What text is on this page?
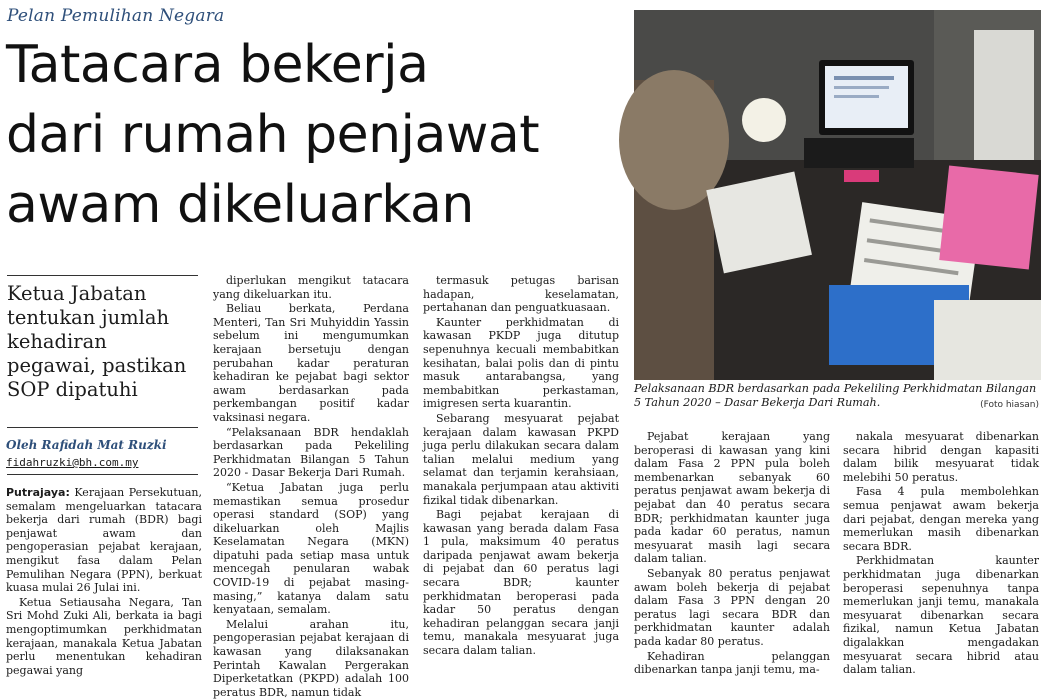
Pelan Pemulihan Negara
Tatacara bekerja
dari rumah penjawat
awam dikeluarkan
Ketua Jabatan tentukan jumlah kehadiran pegawai, pastikan SOP dipatuhi
Oleh Rafidah Mat Ruzki
fidahruzki@bh.com.my

Putrajaya: Kerajaan Persekutuan, semalam mengeluarkan tatacara bekerja dari rumah (BDR) bagi penjawat awam dan pengoperasian pejabat kerajaan, mengikut fasa dalam Pelan Pemulihan Negara (PPN), berkuat kuasa mulai 26 Julai ini.

Ketua Setiausaha Negara, Tan Sri Mohd Zuki Ali, berkata ia bagi mengoptimumkan perkhidmatan kerajaan, manakala Ketua Jabatan perlu menentukan kehadiran pegawai yang

diperlukan mengikut tatacara yang dikeluarkan itu.

Beliau berkata, Perdana Menteri, Tan Sri Muhyiddin Yassin sebelum ini mengumumkan kerajaan bersetuju dengan perubahan kadar peraturan kehadiran ke pejabat bagi sektor awam berdasarkan pada perkembangan positif kadar vaksinasi negara.

“Pelaksanaan BDR hendaklah berdasarkan pada Pekeliling Perkhidmatan Bilangan 5 Tahun 2020 - Dasar Bekerja Dari Rumah.

“Ketua Jabatan juga perlu memastikan semua prosedur operasi standard (SOP) yang dikeluarkan oleh Majlis Keselamatan Negara (MKN) dipatuhi pada setiap masa untuk mencegah penularan wabak COVID-19 di pejabat masing-masing,” katanya dalam satu kenyataan, semalam.

Melalui arahan itu, pengoperasian pejabat kerajaan di kawasan yang dilaksanakan Perintah Kawalan Pergerakan Diperketatkan (PKPD) adalah 100 peratus BDR, namun tidak

termasuk petugas barisan hadapan, keselamatan, pertahanan dan penguatkuasaan.

Kaunter perkhidmatan di kawasan PKDP juga ditutup sepenuhnya kecuali membabitkan kesihatan, balai polis dan di pintu masuk antarabangsa, yang membabitkan perkastaman, imigresen serta kuarantin.

Sebarang mesyuarat pejabat kerajaan dalam kawasan PKPD juga perlu dilakukan secara dalam talian melalui medium yang selamat dan terjamin kerahsiaan, manakala perjumpaan atau aktiviti fizikal tidak dibenarkan.

Bagi pejabat kerajaan di kawasan yang berada dalam Fasa 1 pula, maksimum 40 peratus daripada penjawat awam bekerja di pejabat dan 60 peratus lagi secara BDR; kaunter perkhidmatan beroperasi pada kadar 50 peratus dengan kehadiran pelanggan secara janji temu, manakala mesyuarat juga secara dalam talian.

Pejabat kerajaan yang beroperasi di kawasan yang kini dalam Fasa 2 PPN pula boleh membenarkan sebanyak 60 peratus penjawat awam bekerja di pejabat dan 40 peratus secara BDR; perkhidmatan kaunter juga pada kadar 60 peratus, namun mesyuarat masih lagi secara dalam talian.

Sebanyak 80 peratus penjawat awam boleh bekerja di pejabat dalam Fasa 3 PPN dengan 20 peratus lagi secara BDR dan perkhidmatan kaunter adalah pada kadar 80 peratus.

Kehadiran pelanggan dibenarkan tanpa janji temu, ma-

nakala mesyuarat dibenarkan secara hibrid dengan kapasiti dalam bilik mesyuarat tidak melebihi 50 peratus.

Fasa 4 pula membolehkan semua penjawat awam bekerja dari pejabat, dengan mereka yang memerlukan masih dibenarkan secara BDR.

Perkhidmatan kaunter perkhidmatan juga dibenarkan beroperasi sepenuhnya tanpa memerlukan janji temu, manakala mesyuarat dibenarkan secara fizikal, namun Ketua Jabatan digalakkan mengadakan mesyuarat secara hibrid atau dalam talian.

Pelaksanaan BDR berdasarkan pada Pekeliling Perkhidmatan Bilangan 5 Tahun 2020 – Dasar Bekerja Dari Rumah.	(Foto hiasan)
